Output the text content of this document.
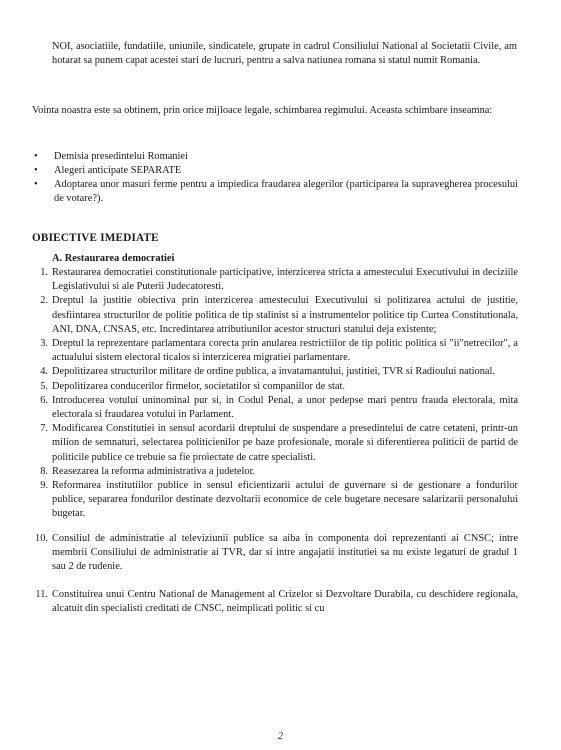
NOI, asociatiile, fundatiile, uniunile, sindicatele, grupate in cadrul Consiliului National al Societatii Civile, am hotarat sa punem capat acestei stari de lucruri, pentru a salva natiunea romana si statul numit Romania.

Vointa noastra este sa obtinem, prin orice mijloace legale, schimbarea regimului. Aceasta schimbare inseamna:

• Demisia presedintelui Romaniei
• Alegeri anticipate SEPARATE
• Adoptarea unor masuri ferme pentru a impiedica fraudarea alegerilor (participarea la supravegherea procesului de votare?).
OBIECTIVE IMEDIATE
A. Restaurarea democratiei
1. Restaurarea democratiei constitutionale participative, interzicerea stricta a amestecului Executivului in deciziile Legislativului si ale Puterii Judecatoresti.
2. Dreptul la justitie obiectiva prin interzicerea amestecului Executivului si politizarea actului de justitie, desfiintarea structurilor de politie politica de tip stalinist si a instrumentelor politice tip Curtea Constitutionala, ANI, DNA, CNSAS, etc. Incredintarea atributiunilor acestor structuri statului deja existente;
3. Dreptul la reprezentare parlamentara corecta prin anularea restrictiilor de tip politic politica si "ii"netrecilor", a actualului sistem electoral ticalos si interzicerea migratiei parlamentare.
4. Depolitizarea structurilor militare de ordine publica, a invatamantului, justitiei, TVR si Radioului national.
5. Depolitizarea conducerilor firmelor, societatilor si companiilor de stat.
6. Introducerea votului uninominal pur si, in Codul Penal, a unor pedepse mari pentru frauda electorala, mita electorala si fraudarea votului in Parlament.
7. Modificarea Constitutiei in sensul acordarii dreptului de suspendare a presedintelui de catre cetateni, printr-un milion de semnaturi, selectarea politicienilor pe baze profesionale, morale si diferentierea politicii de partid de politicile publice ce trebuie sa fie proiectate de catre specialisti.
8. Reasezarea la reforma administrativa a judetelor.
9. Reformarea institutiilor publice in sensul eficientizarii actului de guvernare si de gestionare a fondurilor publice, separarea fondurilor destinate dezvoltarii economice de cele bugetare necesare salarizarii personalului bugetar.
10. Consiliul de administratie al televiziunii publice sa aiba in componenta doi reprezentanti ai CNSC; intre membrii Consiliului de administratie ai TVR, dar si intre angajatii institutiei sa nu existe legaturi de gradul 1 sau 2 de rudenie.
11. Constituirea unui Centru National de Management al Crizelor si Dezvoltare Durabila, cu deschidere regionala, alcatuit din specialisti creditati de CNSC, neimplicati politic si cu
2
